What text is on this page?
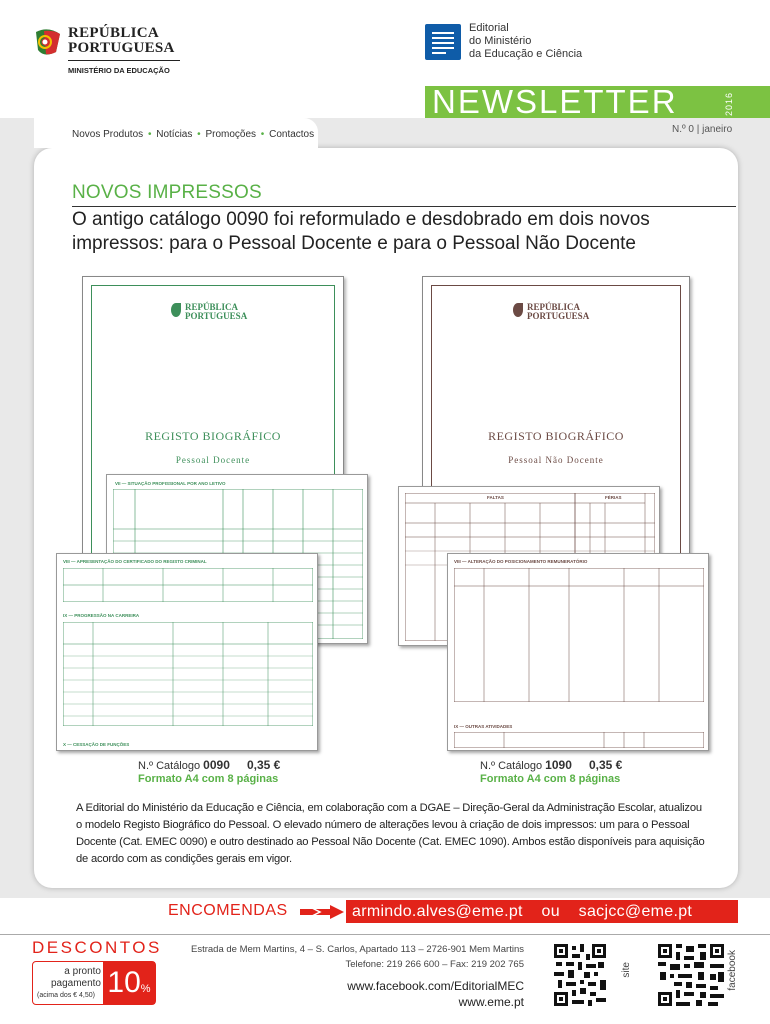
REPÚBLICA
PORTUGUESA
MINISTÉRIO DA EDUCAÇÃO
Editorial
do Ministério
da Educação e Ciência
NEWSLETTER	2016
Novos Produtos • Notícias • Promoções • Contactos	N.º 0 | janeiro
NOVOS IMPRESSOS
O antigo catálogo 0090 foi reformulado e desdobrado em dois novos impressos: para o Pessoal Docente e para o Pessoal Não Docente
REPÚBLICA
PORTUGUESA
REGISTO BIOGRÁFICO
Pessoal Docente
VII — SITUAÇÃO PROFISSIONAL POR ANO LETIVO
VIII — APRESENTAÇÃO DO CERTIFICADO DO REGISTO CRIMINAL
IX — PROGRESSÃO NA CARREIRA
X — CESSAÇÃO DE FUNÇÕES
N.º Catálogo 0090 0,35 €
Formato A4 com 8 páginas
REPÚBLICA
PORTUGUESA
REGISTO BIOGRÁFICO
Pessoal Não Docente
FALTAS	FÉRIAS
VIII — ALTERAÇÃO DO POSICIONAMENTO REMUNERATÓRIO
IX — OUTRAS ATIVIDADES
N.º Catálogo 1090 0,35 €
Formato A4 com 8 páginas
A Editorial do Ministério da Educação e Ciência, em colaboração com a DGAE – Direção-Geral da Administração Escolar, atualizou o modelo Registo Biográfico do Pessoal. O elevado número de alterações levou à criação de dois impressos: um para o Pessoal Docente (Cat. EMEC 0090) e outro destinado ao Pessoal Não Docente (Cat. EMEC 1090). Ambos estão disponíveis para aquisição de acordo com as condições gerais em vigor.
ENCOMENDAS	armindo.alves@eme.pt ou sacjcc@eme.pt
DESCONTOS
a pronto
pagamento
(acima dos € 4,50) 10%
Estrada de Mem Martins, 4 – S. Carlos, Apartado 113 – 2726-901 Mem Martins
Telefone: 219 266 600 – Fax: 219 202 765
www.facebook.com/EditorialMEC
www.eme.pt
site	facebook
